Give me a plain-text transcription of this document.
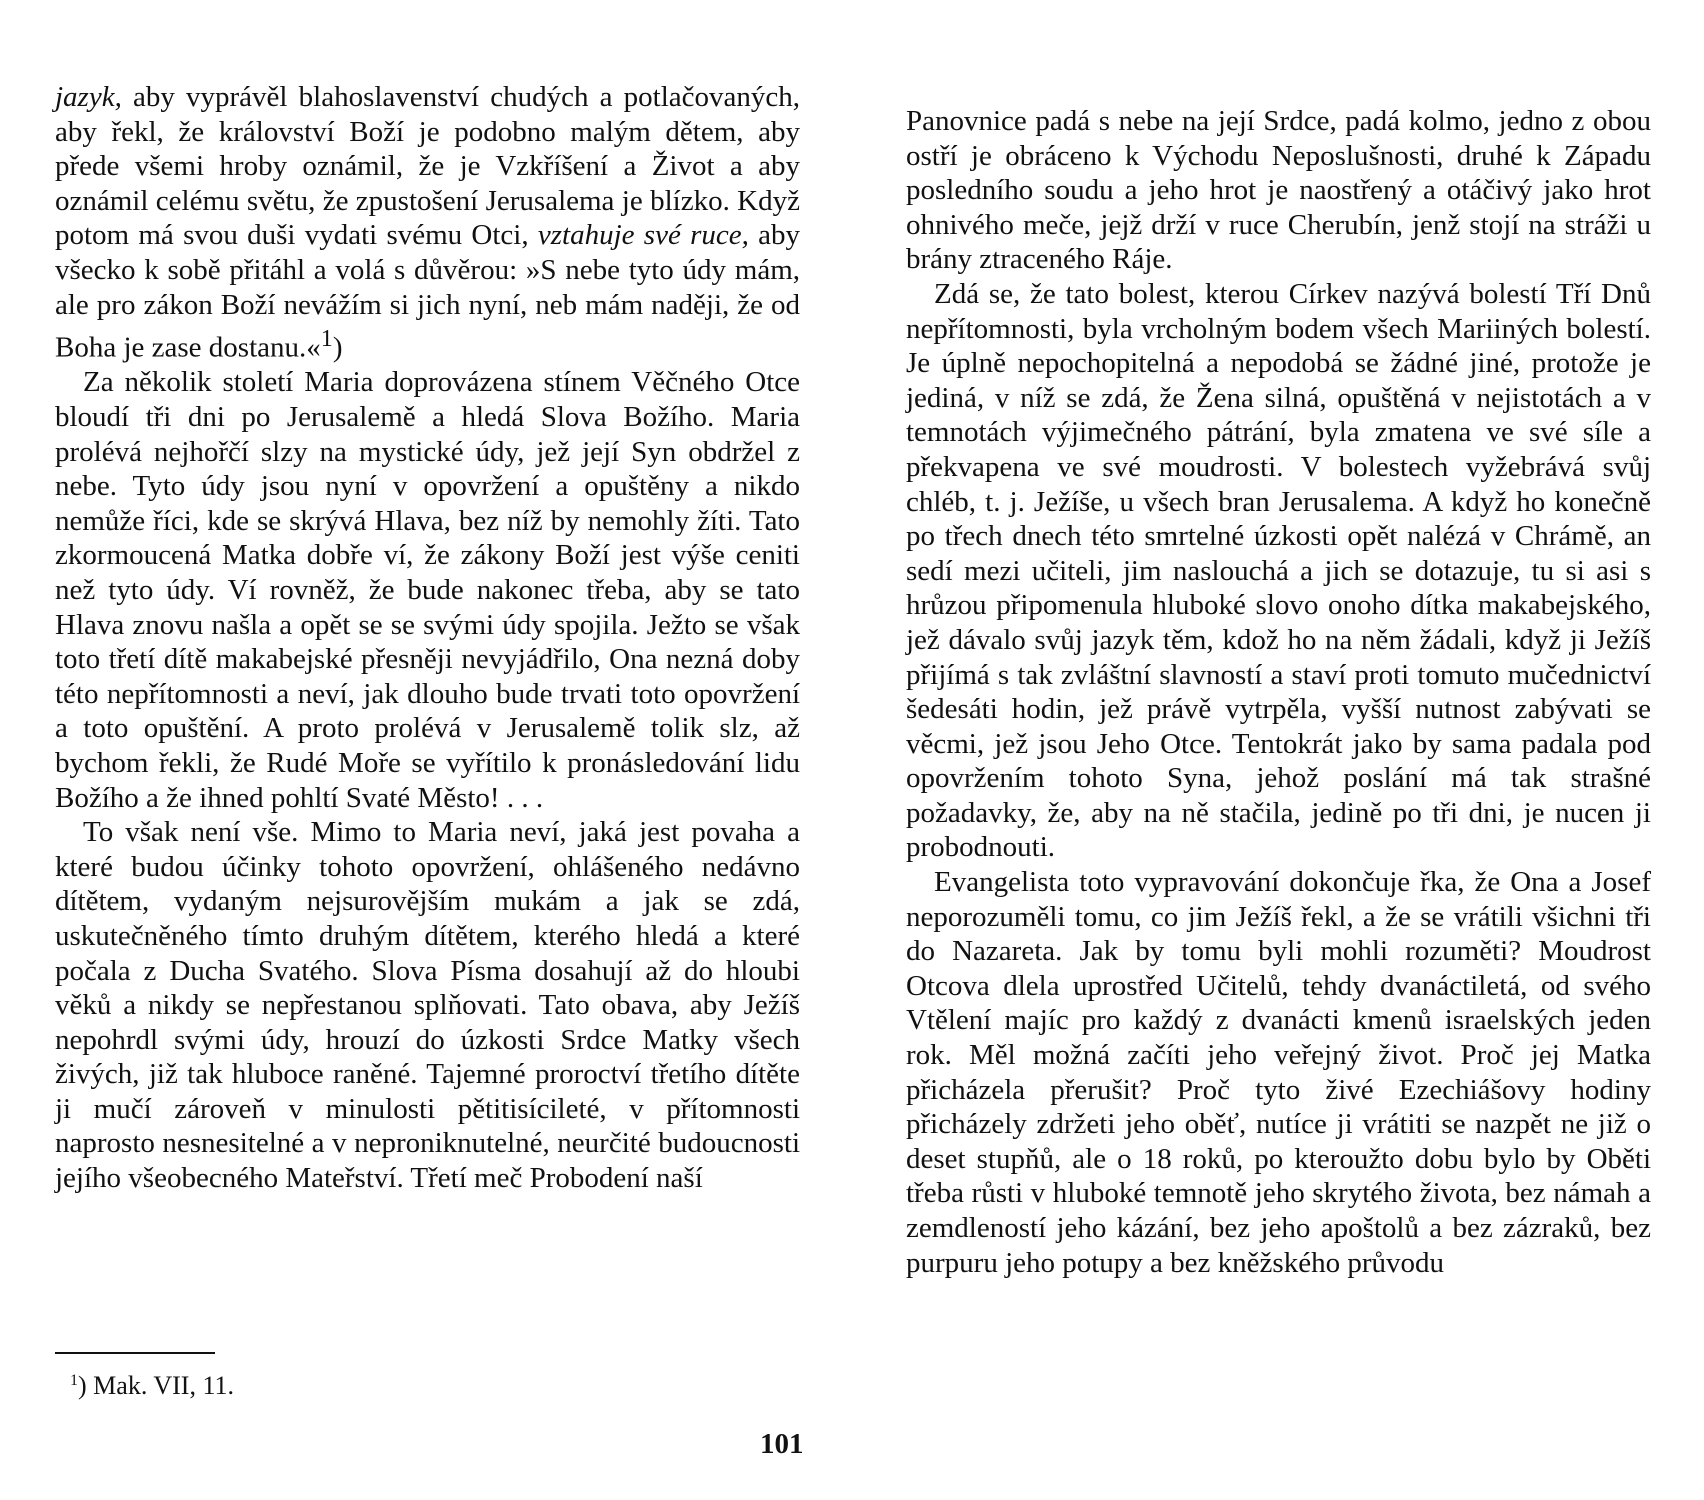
jazyk, aby vyprávěl blahoslavenství chudých a potlačovaných, aby řekl, že království Boží je podobno malým dětem, aby přede všemi hroby oznámil, že je Vzkříšení a Život a aby oznámil celému světu, že zpustošení Jerusalema je blízko. Když potom má svou duši vydati svému Otci, vztahuje své ruce, aby všecko k sobě přitáhl a volá s důvěrou: »S nebe tyto údy mám, ale pro zákon Boží nevážím si jich nyní, neb mám naději, že od Boha je zase dostanu.«$^1$)

Za několik století Maria doprovázena stínem Věčného Otce bloudí tři dni po Jerusalemě a hledá Slova Božího. Maria prolévá nejhořčí slzy na mystické údy, jež její Syn obdržel z nebe. Tyto údy jsou nyní v opovržení a opuštěny a nikdo nemůže říci, kde se skrývá Hlava, bez níž by nemohly žíti. Tato zkormoucená Matka dobře ví, že zákony Boží jest výše ceniti než tyto údy. Ví rovněž, že bude nakonec třeba, aby se tato Hlava znovu našla a opět se se svými údy spojila. Ježto se však toto třetí dítě makabejské přesněji nevyjádřilo, Ona nezná doby této nepřítomnosti a neví, jak dlouho bude trvati toto opovržení a toto opuštění. A proto prolévá v Jerusalemě tolik slz, až bychom řekli, že Rudé Moře se vyřítilo k pronásledování lidu Božího a že ihned pohltí Svaté Město! . . .

To však není vše. Mimo to Maria neví, jaká jest povaha a které budou účinky tohoto opovržení, ohlášeného nedávno dítětem, vydaným nejsurovějším mukám a jak se zdá, uskutečněného tímto druhým dítětem, kterého hledá a které počala z Ducha Svatého. Slova Písma dosahují až do hloubi věků a nikdy se nepřestanou splňovati. Tato obava, aby Ježíš nepohrdl svými údy, hrouzí do úzkosti Srdce Matky všech živých, již tak hluboce raněné. Tajemné proroctví třetího dítěte ji mučí zároveň v minulosti pětitisícileté, v přítomnosti naprosto nesnesitelné a v neproniknutelné, neurčité budoucnosti jejího všeobecného Mateřství. Třetí meč Probodení naší

$^1$) Mak. VII, 11.
101

Panovnice padá s nebe na její Srdce, padá kolmo, jedno z obou ostří je obráceno k Východu Neposlušnosti, druhé k Západu posledního soudu a jeho hrot je naostřený a otáčivý jako hrot ohnivého meče, jejž drží v ruce Cherubín, jenž stojí na stráži u brány ztraceného Ráje.

Zdá se, že tato bolest, kterou Církev nazývá bolestí Tří Dnů nepřítomnosti, byla vrcholným bodem všech Mariiných bolestí. Je úplně nepochopitelná a nepodobá se žádné jiné, protože je jediná, v níž se zdá, že Žena silná, opuštěná v nejistotách a v temnotách výjimečného pátrání, byla zmatena ve své síle a překvapena ve své moudrosti. V bolestech vyžebrává svůj chléb, t. j. Ježíše, u všech bran Jerusalema. A když ho konečně po třech dnech této smrtelné úzkosti opět nalézá v Chrámě, an sedí mezi učiteli, jim naslouchá a jich se dotazuje, tu si asi s hrůzou připomenula hluboké slovo onoho dítka makabejského, jež dávalo svůj jazyk těm, kdož ho na něm žádali, když ji Ježíš přijímá s tak zvláštní slavností a staví proti tomuto mučednictví šedesáti hodin, jež právě vytrpěla, vyšší nutnost zabývati se věcmi, jež jsou Jeho Otce. Tentokrát jako by sama padala pod opovržením tohoto Syna, jehož poslání má tak strašné požadavky, že, aby na ně stačila, jedině po tři dni, je nucen ji probodnouti.

Evangelista toto vypravování dokončuje řka, že Ona a Josef neporozuměli tomu, co jim Ježíš řekl, a že se vrátili všichni tři do Nazareta. Jak by tomu byli mohli rozuměti? Moudrost Otcova dlela uprostřed Učitelů, tehdy dvanáctiletá, od svého Vtělení majíc pro každý z dvanácti kmenů israelských jeden rok. Měl možná začíti jeho veřejný život. Proč jej Matka přicházela přerušit? Proč tyto živé Ezechiášovy hodiny přicházely zdržeti jeho oběť, nutíce ji vrátiti se nazpět ne již o deset stupňů, ale o 18 roků, po kteroužto dobu bylo by Oběti třeba růsti v hluboké temnotě jeho skrytého života, bez námah a zemdleností jeho kázání, bez jeho apoštolů a bez zázraků, bez purpuru jeho potupy a bez kněžského průvodu
